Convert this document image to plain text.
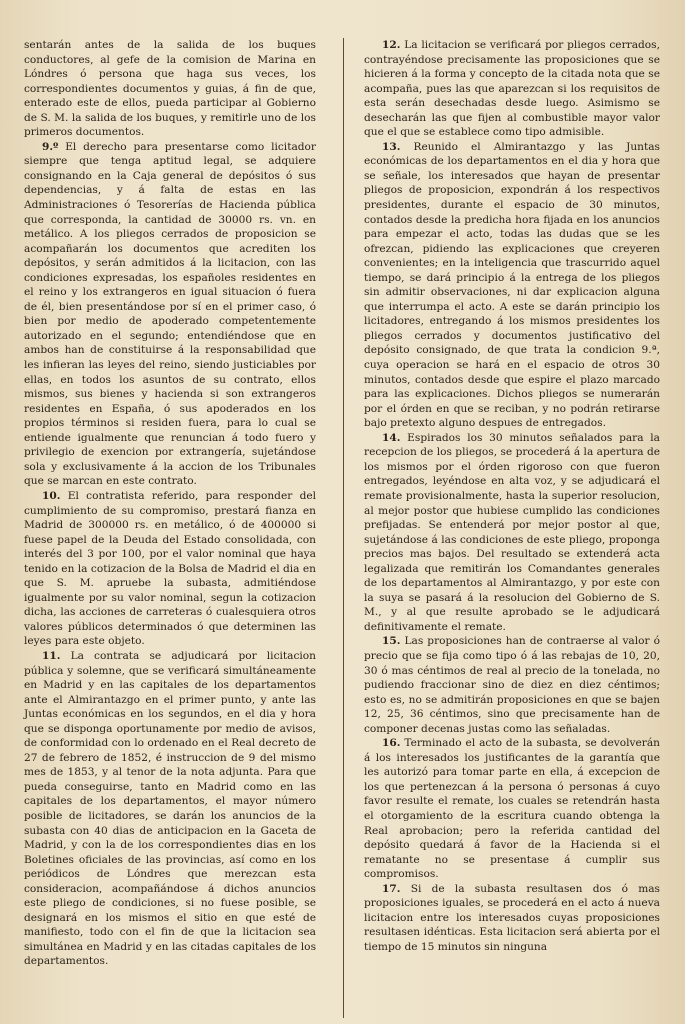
sentarán antes de la salida de los buques conductores, al gefe de la comision de Marina en Lóndres ó persona que haga sus veces, los correspondientes documentos y guias, á fin de que, enterado este de ellos, pueda participar al Gobierno de S. M. la salida de los buques, y remitirle uno de los primeros documentos.

9.º El derecho para presentarse como licitador siempre que tenga aptitud legal, se adquiere consignando en la Caja general de depósitos ó sus dependencias, y á falta de estas en las Administraciones ó Tesorerías de Hacienda pública que corresponda, la cantidad de 30000 rs. vn. en metálico. A los pliegos cerrados de proposicion se acompañarán los documentos que acrediten los depósitos, y serán admitidos á la licitacion, con las condiciones expresadas, los españoles residentes en el reino y los extrangeros en igual situacion ó fuera de él, bien presentándose por sí en el primer caso, ó bien por medio de apoderado competentemente autorizado en el segundo; entendiéndose que en ambos han de constituirse á la responsabilidad que les infieran las leyes del reino, siendo justiciables por ellas, en todos los asuntos de su contrato, ellos mismos, sus bienes y hacienda si son extrangeros residentes en España, ó sus apoderados en los propios términos si residen fuera, para lo cual se entiende igualmente que renuncian á todo fuero y privilegio de exencion por extrangería, sujetándose sola y exclusivamente á la accion de los Tribunales que se marcan en este contrato.

10. El contratista referido, para responder del cumplimiento de su compromiso, prestará fianza en Madrid de 300000 rs. en metálico, ó de 400000 si fuese papel de la Deuda del Estado consolidada, con interés del 3 por 100, por el valor nominal que haya tenido en la cotizacion de la Bolsa de Madrid el dia en que S. M. apruebe la subasta, admitiéndose igualmente por su valor nominal, segun la cotizacion dicha, las acciones de carreteras ó cualesquiera otros valores públicos determinados ó que determinen las leyes para este objeto.

11. La contrata se adjudicará por licitacion pública y solemne, que se verificará simultáneamente en Madrid y en las capitales de los departamentos ante el Almirantazgo en el primer punto, y ante las Juntas económicas en los segundos, en el dia y hora que se disponga oportunamente por medio de avisos, de conformidad con lo ordenado en el Real decreto de 27 de febrero de 1852, é instruccion de 9 del mismo mes de 1853, y al tenor de la nota adjunta. Para que pueda conseguirse, tanto en Madrid como en las capitales de los departamentos, el mayor número posible de licitadores, se darán los anuncios de la subasta con 40 dias de anticipacion en la Gaceta de Madrid, y con la de los correspondientes dias en los Boletines oficiales de las provincias, así como en los periódicos de Lóndres que merezcan esta consideracion, acompañándose á dichos anuncios este pliego de condiciones, si no fuese posible, se designará en los mismos el sitio en que esté de manifiesto, todo con el fin de que la licitacion sea simultánea en Madrid y en las citadas capitales de los departamentos.

12. La licitacion se verificará por pliegos cerrados, contrayéndose precisamente las proposiciones que se hicieren á la forma y concepto de la citada nota que se acompaña, pues las que aparezcan si los requisitos de esta serán desechadas desde luego. Asimismo se desecharán las que fijen al combustible mayor valor que el que se establece como tipo admisible.

13. Reunido el Almirantazgo y las Juntas económicas de los departamentos en el dia y hora que se señale, los interesados que hayan de presentar pliegos de proposicion, expondrán á los respectivos presidentes, durante el espacio de 30 minutos, contados desde la predicha hora fijada en los anuncios para empezar el acto, todas las dudas que se les ofrezcan, pidiendo las explicaciones que creyeren convenientes; en la inteligencia que trascurrido aquel tiempo, se dará principio á la entrega de los pliegos sin admitir observaciones, ni dar explicacion alguna que interrumpa el acto. A este se darán principio los licitadores, entregando á los mismos presidentes los pliegos cerrados y documentos justificativo del depósito consignado, de que trata la condicion 9.ª, cuya operacion se hará en el espacio de otros 30 minutos, contados desde que espire el plazo marcado para las explicaciones. Dichos pliegos se numerarán por el órden en que se reciban, y no podrán retirarse bajo pretexto alguno despues de entregados.

14. Espirados los 30 minutos señalados para la recepcion de los pliegos, se procederá á la apertura de los mismos por el órden rigoroso con que fueron entregados, leyéndose en alta voz, y se adjudicará el remate provisionalmente, hasta la superior resolucion, al mejor postor que hubiese cumplido las condiciones prefijadas. Se entenderá por mejor postor al que, sujetándose á las condiciones de este pliego, proponga precios mas bajos. Del resultado se extenderá acta legalizada que remitirán los Comandantes generales de los departamentos al Almirantazgo, y por este con la suya se pasará á la resolucion del Gobierno de S. M., y al que resulte aprobado se le adjudicará definitivamente el remate.

15. Las proposiciones han de contraerse al valor ó precio que se fija como tipo ó á las rebajas de 10, 20, 30 ó mas céntimos de real al precio de la tonelada, no pudiendo fraccionar sino de diez en diez céntimos; esto es, no se admitirán proposiciones en que se bajen 12, 25, 36 céntimos, sino que precisamente han de componer decenas justas como las señaladas.

16. Terminado el acto de la subasta, se devolverán á los interesados los justificantes de la garantía que les autorizó para tomar parte en ella, á excepcion de los que pertenezcan á la persona ó personas á cuyo favor resulte el remate, los cuales se retendrán hasta el otorgamiento de la escritura cuando obtenga la Real aprobacion; pero la referida cantidad del depósito quedará á favor de la Hacienda si el rematante no se presentase á cumplir sus compromisos.

17. Si de la subasta resultasen dos ó mas proposiciones iguales, se procederá en el acto á nueva licitacion entre los interesados cuyas proposiciones resultasen idénticas. Esta licitacion será abierta por el tiempo de 15 minutos sin ninguna
